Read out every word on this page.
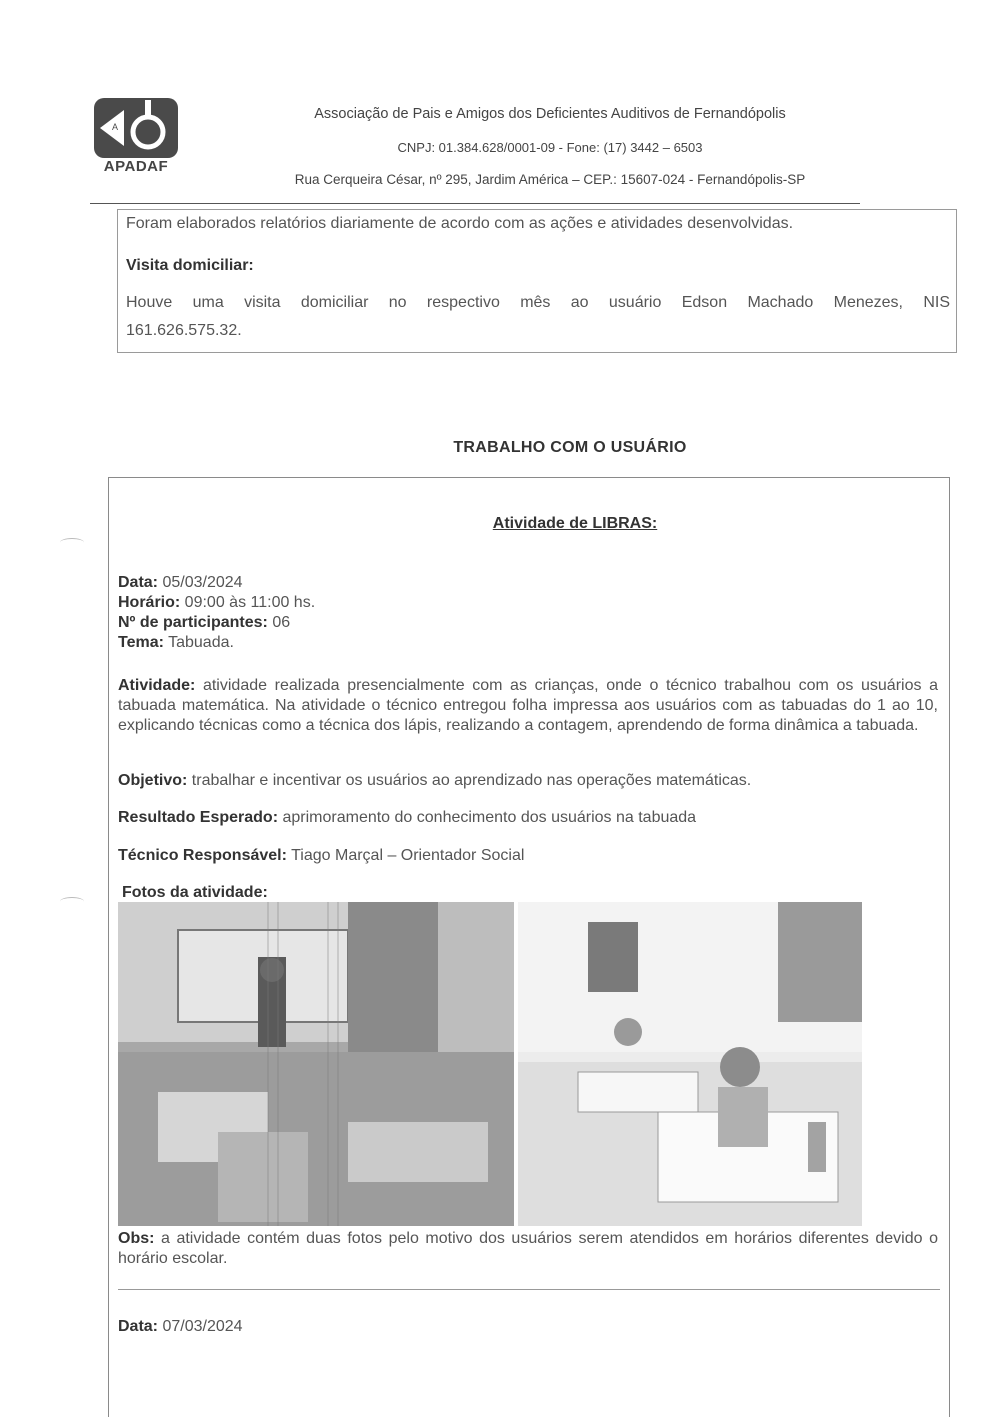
A
APADAF
Associação de Pais e Amigos dos Deficientes Auditivos de Fernandópolis
CNPJ: 01.384.628/0001-09 - Fone: (17) 3442 – 6503
Rua Cerqueira César, nº 295, Jardim América – CEP.: 15607-024 - Fernandópolis-SP
Foram elaborados relatórios diariamente de acordo com as ações e atividades desenvolvidas.
Visita domiciliar:
Houve uma visita domiciliar no respectivo mês ao usuário Edson Machado Menezes, NIS
161.626.575.32.
TRABALHO COM O USUÁRIO
Atividade de LIBRAS:
Data: 05/03/2024
Horário: 09:00 às 11:00 hs.
Nº de participantes: 06
Tema: Tabuada.
Atividade: atividade realizada presencialmente com as crianças, onde o técnico trabalhou com os usuários a tabuada matemática. Na atividade o técnico entregou folha impressa aos usuários com as tabuadas do 1 ao 10, explicando técnicas como a técnica dos lápis, realizando a contagem, aprendendo de forma dinâmica a tabuada.
Objetivo: trabalhar e incentivar os usuários ao aprendizado nas operações matemáticas.
Resultado Esperado: aprimoramento do conhecimento dos usuários na tabuada
Técnico Responsável: Tiago Marçal – Orientador Social
Fotos da atividade:
Obs: a atividade contém duas fotos pelo motivo dos usuários serem atendidos em horários diferentes devido o horário escolar.
Data: 07/03/2024
